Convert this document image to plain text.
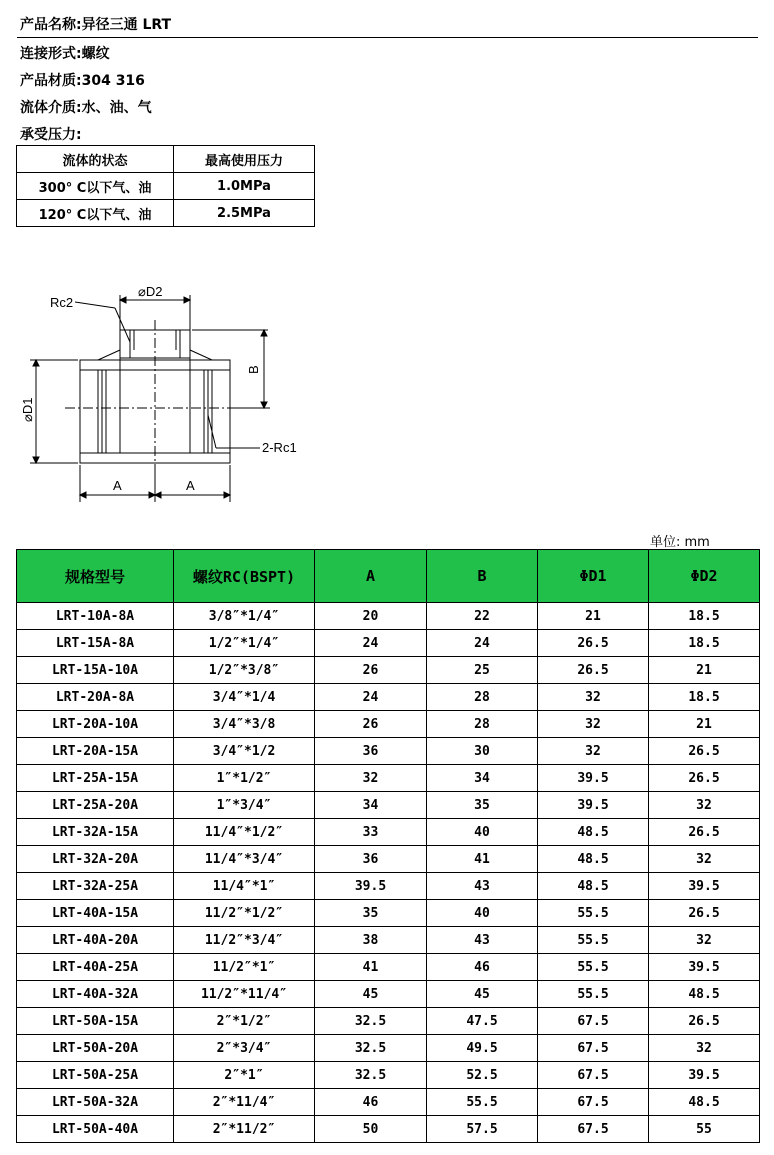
产品名称:异径三通 LRT
连接形式:螺纹
产品材质:304 316
流体介质:水、油、气
承受压力:
流体的状态	最高使用压力
300° C以下气、油	1.0MPa
120° C以下气、油	2.5MPa
Rc2
⌀D2
B
⌀D1
2-Rc1
A	A
单位: mm
规格型号	螺纹RC(BSPT)	A	B	ΦD1	ΦD2
LRT-10A-8A	3/8″*1/4″	20	22	21	18.5
LRT-15A-8A	1/2″*1/4″	24	24	26.5	18.5
LRT-15A-10A	1/2″*3/8″	26	25	26.5	21
LRT-20A-8A	3/4″*1/4	24	28	32	18.5
LRT-20A-10A	3/4″*3/8	26	28	32	21
LRT-20A-15A	3/4″*1/2	36	30	32	26.5
LRT-25A-15A	1″*1/2″	32	34	39.5	26.5
LRT-25A-20A	1″*3/4″	34	35	39.5	32
LRT-32A-15A	11/4″*1/2″	33	40	48.5	26.5
LRT-32A-20A	11/4″*3/4″	36	41	48.5	32
LRT-32A-25A	11/4″*1″	39.5	43	48.5	39.5
LRT-40A-15A	11/2″*1/2″	35	40	55.5	26.5
LRT-40A-20A	11/2″*3/4″	38	43	55.5	32
LRT-40A-25A	11/2″*1″	41	46	55.5	39.5
LRT-40A-32A	11/2″*11/4″	45	45	55.5	48.5
LRT-50A-15A	2″*1/2″	32.5	47.5	67.5	26.5
LRT-50A-20A	2″*3/4″	32.5	49.5	67.5	32
LRT-50A-25A	2″*1″	32.5	52.5	67.5	39.5
LRT-50A-32A	2″*11/4″	46	55.5	67.5	48.5
LRT-50A-40A	2″*11/2″	50	57.5	67.5	55
